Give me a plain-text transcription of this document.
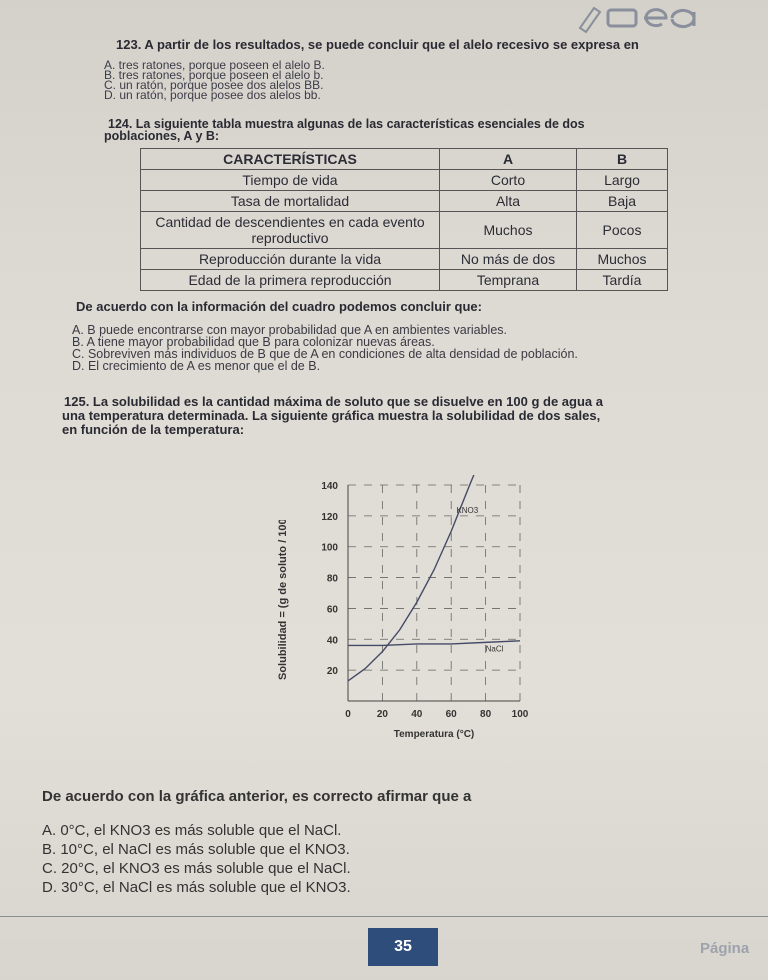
123. A partir de los resultados, se puede concluir que el alelo recesivo se expresa en
A. tres ratones, porque poseen el alelo B.
B. tres ratones, porque poseen el alelo b.
C. un ratón, porque posee dos alelos BB.
D. un ratón, porque posee dos alelos bb.
124. La siguiente tabla muestra algunas de las características esenciales de dos
poblaciones, A y B:
CARACTERÍSTICAS	A	B
Tiempo de vida	Corto	Largo
Tasa de mortalidad	Alta	Baja
Cantidad de descendientes en cada evento reproductivo	Muchos	Pocos
Reproducción durante la vida	No más de dos	Muchos
Edad de la primera reproducción	Temprana	Tardía
De acuerdo con la información del cuadro podemos concluir que:
A. B puede encontrarse con mayor probabilidad que A en ambientes variables.
B. A tiene mayor probabilidad que B para colonizar nuevas áreas.
C. Sobreviven más individuos de B que de A en condiciones de alta densidad de población.
D. El crecimiento de A es menor que el de B.
125. La solubilidad es la cantidad máxima de soluto que se disuelve en 100 g de agua a
una temperatura determinada. La siguiente gráfica muestra la solubilidad de dos sales,
en función de la temperatura:
Solubilidad = (g de soluto / 100 g de agua)	20
40
60
80
100
120
140
0	20 40 60 80 100
KNO3
NaCl
Temperatura (°C)
De acuerdo con la gráfica anterior, es correcto afirmar que a
A. 0°C, el KNO3 es más soluble que el NaCl.
B. 10°C, el NaCl es más soluble que el KNO3.
C. 20°C, el KNO3 es más soluble que el NaCl.
D. 30°C, el NaCl es más soluble que el KNO3.
35	Página
